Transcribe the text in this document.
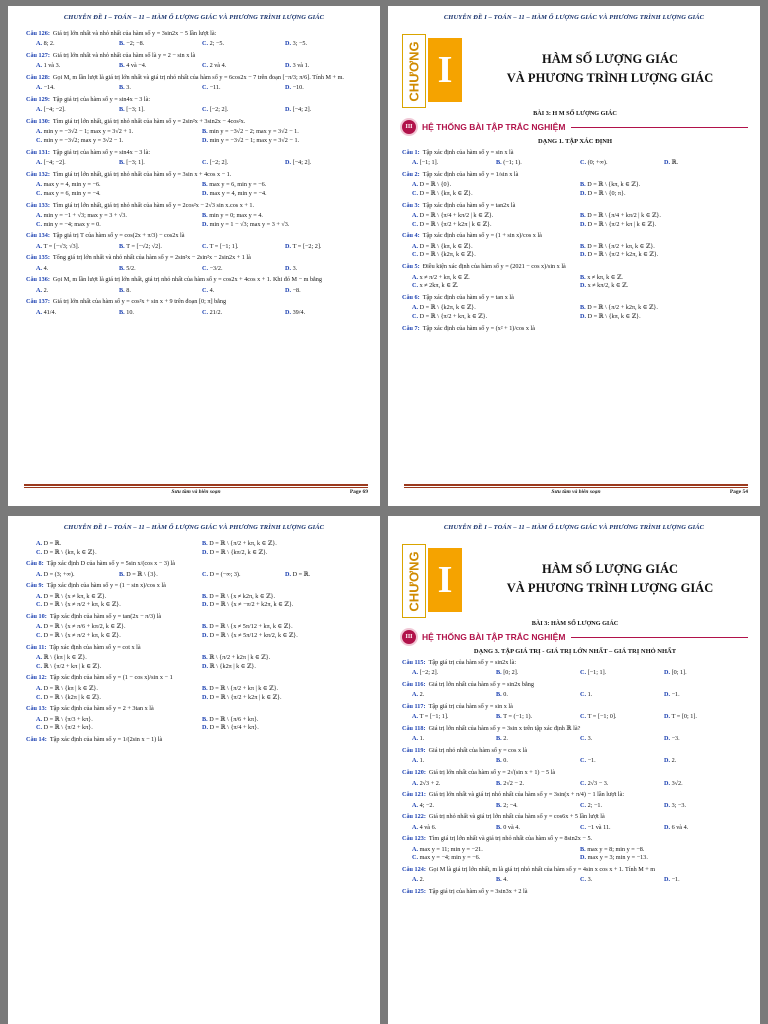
CHUYÊN ĐỀ I – TOÁN – 11 – HÀM Ố LƯỢNG GIÁC VÀ PHƯƠNG TRÌNH LƯỢNG GIÁC
Câu 126: Giá trị lớn nhất và nhỏ nhất của hàm số y = 3sin2x − 5 lần lượt là:
A. 8; 2.	B. −2; −8.	C. 2; −5.	D. 3; −5.
Câu 127: Giá trị lớn nhất và nhỏ nhất của hàm số là y = 2 − sin x là
A. 1 và 3.	B. 4 và −4.	C. 2 và 4.	D. 3 và 1.
Câu 128: Gọi M, m lần lượt là giá trị lớn nhất và giá trị nhỏ nhất của hàm số y = 6cos2x − 7 trên đoạn [−π/3; π/6]. Tính M + m.
A. −14.	B. 3.	C. −11.	D. −10.
Câu 129: Tập giá trị của hàm số y = sin4x − 3 là:
A. [−4; −2].	B. [−3; 1].	C. [−2; 2].	D. [−4; 2].
Câu 130: Tìm giá trị lớn nhất, giá trị nhỏ nhất của hàm số y = 2sin²x + 3sin2x − 4cos²x.
A. min y = −3√2 − 1; max y = 3√2 + 1.	B. min y = −3√2 − 2; max y = 3√2 − 1.
C. min y = −3√2; max y = 3√2 − 1.	D. min y = −3√2 − 1; max y = 3√2 − 1.
Câu 131: Tập giá trị của hàm số y = sin4x − 3 là:
A. [−4; −2].	B. [−3; 1].	C. [−2; 2].	D. [−4; 2].
Câu 132: Tìm giá trị lớn nhất, giá trị nhỏ nhất của hàm số y = 3sin x + 4cos x − 1.
A. max y = 4, min y = −6.	B. max y = 6, min y = −6.
C. max y = 6, min y = −4.	D. max y = 4, min y = −4.
Câu 133: Tìm giá trị lớn nhất, giá trị nhỏ nhất của hàm số y = 2cos²x − 2√3 sin x.cos x + 1.
A. min y = −1 + √3; max y = 3 + √3.	B. min y = 0; max y = 4.
C. min y = −4; max y = 0.	D. min y = 1 − √3; max y = 3 + √3.
Câu 134: Tập giá trị T của hàm số y = cos(2x + π/3) − cos2x là
A. T = [−√3; √3].	B. T = [−√2; √2].	C. T = [−1; 1].	D. T = [−2; 2].
Câu 135: Tổng giá trị lớn nhất và nhỏ nhất của hàm số y = 2sin²x − 2sin²x − 2sin2x + 1 là
A. 4.	B. 5/2.	C. −3/2.	D. 3.
Câu 136: Gọi M, m lần lượt là giá trị lớn nhất, giá trị nhỏ nhất của hàm số y = cos2x + 4cos x + 1. Khi đó M − m bằng
A. 2.	B. 8.	C. 4.	D. −8.
Câu 137: Giá trị lớn nhất của hàm số y = cos²x + sin x + 9 trên đoạn [0; π] bằng
A. 41/4.	B. 10.	C. 21/2.	D. 39/4.
Sưu tầm và biên soạn	Page 69
CHUYÊN ĐỀ I – TOÁN – 11 – HÀM Ố LƯỢNG GIÁC VÀ PHƯƠNG TRÌNH LƯỢNG GIÁC
CHƯƠNG I	HÀM SỐ LƯỢNG GIÁC
VÀ PHƯƠNG TRÌNH LƯỢNG GIÁC
BÀI 3: H M SỐ LƯỢNG GIÁC
III	HỆ THỐNG BÀI TẬP TRẮC NGHIỆM
DẠNG 1. TẬP XÁC ĐỊNH
Câu 1: Tập xác định của hàm số y = sin x là
A. [−1; 1].	B. (−1; 1).	C. (0; +∞).	D. ℝ.
Câu 2: Tập xác định của hàm số y = 1/sin x là
A. D = ℝ \ {0}.	B. D = ℝ \ {kπ, k ∈ ℤ}.
C. D = ℝ \ {kπ, k ∈ ℤ}.	D. D = ℝ \ {0; π}.
Câu 3: Tập xác định của hàm số y = tan2x là
A. D = ℝ \ {π/4 + kπ/2 | k ∈ ℤ}.	B. D = ℝ \ {π/4 + kπ/2 | k ∈ ℤ}.
C. D = ℝ \ {π/2 + k2π | k ∈ ℤ}.	D. D = ℝ \ {π/2 + kπ | k ∈ ℤ}.
Câu 4: Tập xác định của hàm số y = (1 + sin x)/cos x là
A. D = ℝ \ {kπ, k ∈ ℤ}.	B. D = ℝ \ {π/2 + kπ, k ∈ ℤ}.
C. D = ℝ \ {k2π, k ∈ ℤ}.	D. D = ℝ \ {π/2 + k2π, k ∈ ℤ}.
Câu 5: Điều kiện xác định của hàm số y = (2021 − cos x)/sin x là
A. x ≠ π/2 + kπ, k ∈ ℤ.	B. x ≠ kπ, k ∈ ℤ.
C. x ≠ 2kπ, k ∈ ℤ.	D. x ≠ kπ/2, k ∈ ℤ.
Câu 6: Tập xác định của hàm số y = tan x là
A. D = ℝ \ {k2π, k ∈ ℤ}.	B. D = ℝ \ {π/2 + k2π, k ∈ ℤ}.
C. D = ℝ \ {π/2 + kπ, k ∈ ℤ}.	D. D = ℝ \ {kπ, k ∈ ℤ}.
Câu 7: Tập xác định của hàm số y = (x² + 1)/cos x là
Sưu tầm và biên soạn	Page 54
CHUYÊN ĐỀ I – TOÁN – 11 – HÀM Ố LƯỢNG GIÁC VÀ PHƯƠNG TRÌNH LƯỢNG GIÁC
A. D = ℝ.	B. D = ℝ \ {π/2 + kπ, k ∈ ℤ}.
C. D = ℝ \ {kπ, k ∈ ℤ}.	D. D = ℝ \ {kπ/2, k ∈ ℤ}.
Câu 8: Tập xác định D của hàm số y = 5sin x/(cos x − 3) là
A. D = (3; +∞).	B. D = ℝ \ {3}.	C. D = (−∞; 3).	D. D = ℝ.
Câu 9: Tập xác định của hàm số y = (1 − sin x)/cos x là
A. D = ℝ \ {x ≠ kπ, k ∈ ℤ}.	B. D = ℝ \ {x ≠ k2π, k ∈ ℤ}.
C. D = ℝ \ {x ≠ π/2 + kπ, k ∈ ℤ}.	D. D = ℝ \ {x ≠ −π/2 + k2π, k ∈ ℤ}.
Câu 10: Tập xác định của hàm số y = tan(2x − π/3) là
A. D = ℝ \ {x ≠ π/6 + kπ/2, k ∈ ℤ}.	B. D = ℝ \ {x ≠ 5π/12 + kπ, k ∈ ℤ}.
C. D = ℝ \ {x ≠ π/2 + kπ, k ∈ ℤ}.	D. D = ℝ \ {x ≠ 5π/12 + kπ/2, k ∈ ℤ}.
Câu 11: Tập xác định của hàm số y = cot x là
A. ℝ \ {kπ | k ∈ ℤ}.	B. ℝ \ {π/2 + k2π | k ∈ ℤ}.
C. ℝ \ {π/2 + kπ | k ∈ ℤ}.	D. ℝ \ {k2π | k ∈ ℤ}.
Câu 12: Tập xác định của hàm số y = (1 − cos x)/sin x − 1
A. D = ℝ \ {kπ | k ∈ ℤ}.	B. D = ℝ \ {π/2 + kπ | k ∈ ℤ}.
C. D = ℝ \ {k2π | k ∈ ℤ}.	D. D = ℝ \ {π/2 + k2π | k ∈ ℤ}.
Câu 13: Tập xác định của hàm số y = 2 + 3tan x là
A. D = ℝ \ {π/3 + kπ}.	B. D = ℝ \ {π/6 + kπ}.
C. D = ℝ \ {π/2 + kπ}.	D. D = ℝ \ {π/4 + kπ}.
Câu 14: Tập xác định của hàm số y = 1/(2sin x − 1) là
CHUYÊN ĐỀ I – TOÁN – 11 – HÀM Ố LƯỢNG GIÁC VÀ PHƯƠNG TRÌNH LƯỢNG GIÁC
CHƯƠNG I	HÀM SỐ LƯỢNG GIÁC
VÀ PHƯƠNG TRÌNH LƯỢNG GIÁC
BÀI 3: HÀM SỐ LƯỢNG GIÁC
III	HỆ THỐNG BÀI TẬP TRẮC NGHIỆM
DẠNG 3. TẬP GIÁ TRỊ - GIÁ TRỊ LỚN NHẤT – GIÁ TRỊ NHỎ NHẤT
Câu 115: Tập giá trị của hàm số y = sin2x là:
A. [−2; 2].	B. [0; 2].	C. [−1; 1].	D. [0; 1].
Câu 116: Giá trị lớn nhất của hàm số y = sin2x bằng
A. 2.	B. 0.	C. 1.	D. −1.
Câu 117: Tập giá trị của hàm số y = sin x là
A. T = [−1; 1].	B. T = (−1; 1).	C. T = [−1; 0].	D. T = [0; 1].
Câu 118: Giá trị lớn nhất của hàm số y = 3sin x trên tập xác định ℝ là?
A. 1.	B. 2.	C. 3.	D. −3.
Câu 119: Giá trị nhỏ nhất của hàm số y = cos x là
A. 1.	B. 0.	C. −1.	D. 2.
Câu 120: Giá trị lớn nhất của hàm số y = 2√(sin x + 1) − 5 là
A. 2√3 + 2.	B. 2√2 − 2.	C. 2√3 − 3.	D. 3√2.
Câu 121: Giá trị lớn nhất và giá trị nhỏ nhất của hàm số y = 3sin(x + π/4) − 1 lần lượt là:
A. 4; −2.	B. 2; −4.	C. 2; −1.	D. 3; −3.
Câu 122: Giá trị nhỏ nhất và giá trị lớn nhất của hàm số y = cos6x + 5 lần lượt là
A. 4 và 6.	B. 0 và 4.	C. −1 và 11.	D. 6 và 4.
Câu 123: Tìm giá trị lớn nhất và giá trị nhỏ nhất của hàm số y = 8sin2x − 5.
A. max y = 11; min y = −21.	B. max y = 8; min y = −8.
C. max y = −4; min y = −6.	D. max y = 3; min y = −13.
Câu 124: Gọi M là giá trị lớn nhất, m là giá trị nhỏ nhất của hàm số y = 4sin x cos x + 1. Tính M + m
A. 2.	B. 4.	C. 3.	D. −1.
Câu 125: Tập giá trị của hàm số y = 3sin3x + 2 là
